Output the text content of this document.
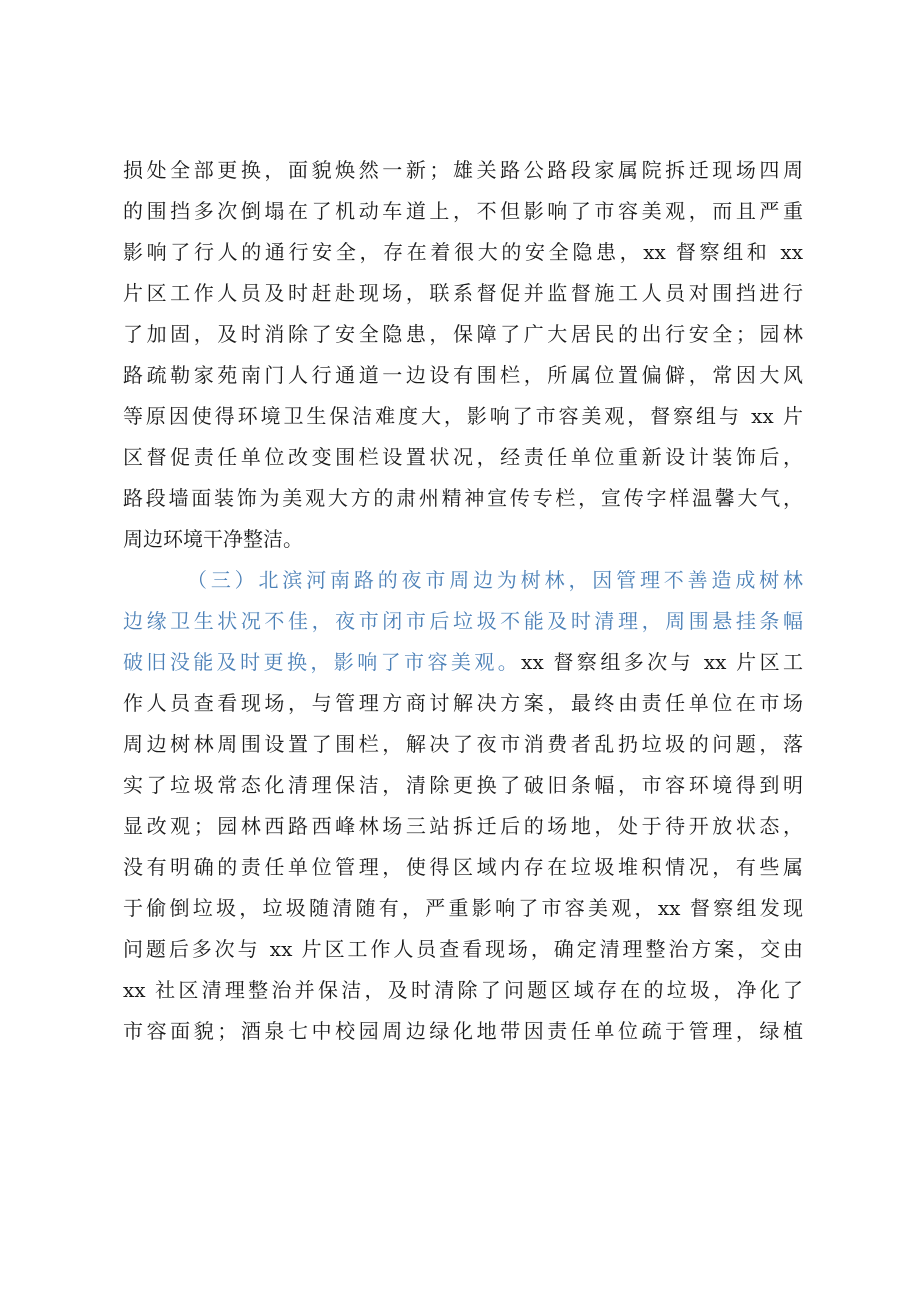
损处全部更换，面貌焕然一新；雄关路公路段家属院拆迁现场四周
的围挡多次倒塌在了机动车道上，不但影响了市容美观，而且严重
影响了行人的通行安全，存在着很大的安全隐患，xx 督察组和 xx
片区工作人员及时赶赴现场，联系督促并监督施工人员对围挡进行
了加固，及时消除了安全隐患，保障了广大居民的出行安全；园林
路疏勒家苑南门人行通道一边设有围栏，所属位置偏僻，常因大风
等原因使得环境卫生保洁难度大，影响了市容美观，督察组与 xx 片
区督促责任单位改变围栏设置状况，经责任单位重新设计装饰后，
路段墙面装饰为美观大方的肃州精神宣传专栏，宣传字样温馨大气，
周边环境干净整洁。
（三）北滨河南路的夜市周边为树林，因管理不善造成树林
边缘卫生状况不佳，夜市闭市后垃圾不能及时清理，周围悬挂条幅
破旧没能及时更换，影响了市容美观。xx 督察组多次与 xx 片区工
作人员查看现场，与管理方商讨解决方案，最终由责任单位在市场
周边树林周围设置了围栏，解决了夜市消费者乱扔垃圾的问题，落
实了垃圾常态化清理保洁，清除更换了破旧条幅，市容环境得到明
显改观；园林西路西峰林场三站拆迁后的场地，处于待开放状态，
没有明确的责任单位管理，使得区域内存在垃圾堆积情况，有些属
于偷倒垃圾，垃圾随清随有，严重影响了市容美观，xx 督察组发现
问题后多次与 xx 片区工作人员查看现场，确定清理整治方案，交由
xx 社区清理整治并保洁，及时清除了问题区域存在的垃圾，净化了
市容面貌；酒泉七中校园周边绿化地带因责任单位疏于管理，绿植
